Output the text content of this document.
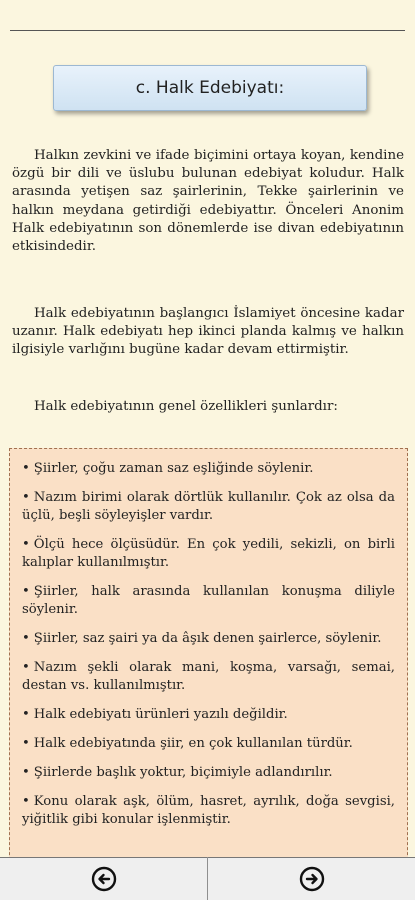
c. Halk Edebiyatı:

Halkın zevkini ve ifade biçimini ortaya koyan, kendine özgü bir dili ve üslubu bulunan edebiyat koludur. Halk arasında yetişen saz şairlerinin, Tekke şairlerinin ve halkın meydana getirdiği edebiyattır. Önceleri Anonim Halk edebiyatının son dönemlerde ise divan edebiyatının etkisindedir.

Halk edebiyatının başlangıcı İslamiyet öncesine kadar uzanır. Halk edebiyatı hep ikinci planda kalmış ve halkın ilgisiyle varlığını bugüne kadar devam ettirmiştir.

Halk edebiyatının genel özellikleri şunlardır:

• Şiirler, çoğu zaman saz eşliğinde söylenir.
• Nazım birimi olarak dörtlük kullanılır. Çok az olsa da üçlü, beşli söyleyişler vardır.
• Ölçü hece ölçüsüdür. En çok yedili, sekizli, on birli kalıplar kullanılmıştır.
• Şiirler, halk arasında kullanılan konuşma diliyle söylenir.
• Şiirler, saz şairi ya da âşık denen şairlerce, söylenir.
• Nazım şekli olarak mani, koşma, varsağı, semai, destan vs. kullanılmıştır.
• Halk edebiyatı ürünleri yazılı değildir.
• Halk edebiyatında şiir, en çok kullanılan türdür.
• Şiirlerde başlık yoktur, biçimiyle adlandırılır.
• Konu olarak aşk, ölüm, hasret, ayrılık, doğa sevgisi, yiğitlik gibi konular işlenmiştir.
